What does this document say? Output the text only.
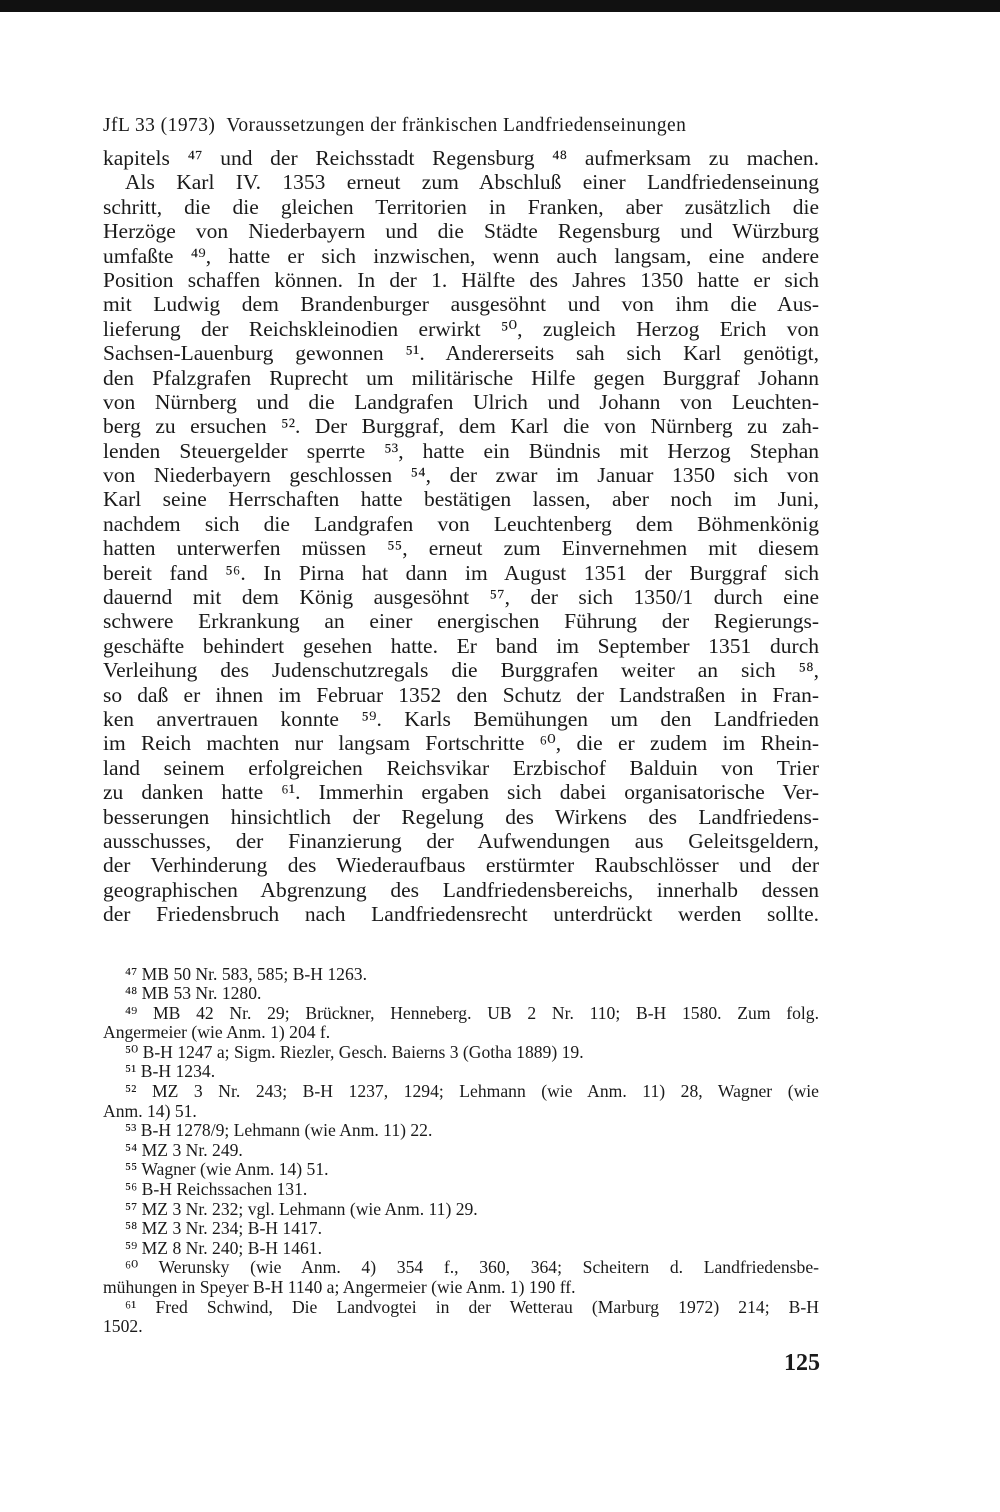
JfL 33 (1973) Voraussetzungen der fränkischen Landfriedenseinungen
kapitels ⁴⁷ und der Reichsstadt Regensburg ⁴⁸ aufmerksam zu machen.
Als Karl IV. 1353 erneut zum Abschluß einer Landfriedenseinung
schritt, die die gleichen Territorien in Franken, aber zusätzlich die
Herzöge von Niederbayern und die Städte Regensburg und Würzburg
umfaßte ⁴⁹, hatte er sich inzwischen, wenn auch langsam, eine andere
Position schaffen können. In der 1. Hälfte des Jahres 1350 hatte er sich
mit Ludwig dem Brandenburger ausgesöhnt und von ihm die Aus-
lieferung der Reichskleinodien erwirkt ⁵⁰, zugleich Herzog Erich von
Sachsen-Lauenburg gewonnen ⁵¹. Andererseits sah sich Karl genötigt,
den Pfalzgrafen Ruprecht um militärische Hilfe gegen Burggraf Johann
von Nürnberg und die Landgrafen Ulrich und Johann von Leuchten-
berg zu ersuchen ⁵². Der Burggraf, dem Karl die von Nürnberg zu zah-
lenden Steuergelder sperrte ⁵³, hatte ein Bündnis mit Herzog Stephan
von Niederbayern geschlossen ⁵⁴, der zwar im Januar 1350 sich von
Karl seine Herrschaften hatte bestätigen lassen, aber noch im Juni,
nachdem sich die Landgrafen von Leuchtenberg dem Böhmenkönig
hatten unterwerfen müssen ⁵⁵, erneut zum Einvernehmen mit diesem
bereit fand ⁵⁶. In Pirna hat dann im August 1351 der Burggraf sich
dauernd mit dem König ausgesöhnt ⁵⁷, der sich 1350/1 durch eine
schwere Erkrankung an einer energischen Führung der Regierungs-
geschäfte behindert gesehen hatte. Er band im September 1351 durch
Verleihung des Judenschutzregals die Burggrafen weiter an sich ⁵⁸,
so daß er ihnen im Februar 1352 den Schutz der Landstraßen in Fran-
ken anvertrauen konnte ⁵⁹. Karls Bemühungen um den Landfrieden
im Reich machten nur langsam Fortschritte ⁶⁰, die er zudem im Rhein-
land seinem erfolgreichen Reichsvikar Erzbischof Balduin von Trier
zu danken hatte ⁶¹. Immerhin ergaben sich dabei organisatorische Ver-
besserungen hinsichtlich der Regelung des Wirkens des Landfriedens-
ausschusses, der Finanzierung der Aufwendungen aus Geleitsgeldern,
der Verhinderung des Wiederaufbaus erstürmter Raubschlösser und der
geographischen Abgrenzung des Landfriedensbereichs, innerhalb dessen
der Friedensbruch nach Landfriedensrecht unterdrückt werden sollte.
⁴⁷ MB 50 Nr. 583, 585; B-H 1263.
⁴⁸ MB 53 Nr. 1280.
⁴⁹ MB 42 Nr. 29; Brückner, Henneberg. UB 2 Nr. 110; B-H 1580. Zum folg.
Angermeier (wie Anm. 1) 204 f.
⁵⁰ B-H 1247 a; Sigm. Riezler, Gesch. Baierns 3 (Gotha 1889) 19.
⁵¹ B-H 1234.
⁵² MZ 3 Nr. 243; B-H 1237, 1294; Lehmann (wie Anm. 11) 28, Wagner (wie
Anm. 14) 51.
⁵³ B-H 1278/9; Lehmann (wie Anm. 11) 22.
⁵⁴ MZ 3 Nr. 249.
⁵⁵ Wagner (wie Anm. 14) 51.
⁵⁶ B-H Reichssachen 131.
⁵⁷ MZ 3 Nr. 232; vgl. Lehmann (wie Anm. 11) 29.
⁵⁸ MZ 3 Nr. 234; B-H 1417.
⁵⁹ MZ 8 Nr. 240; B-H 1461.
⁶⁰ Werunsky (wie Anm. 4) 354 f., 360, 364; Scheitern d. Landfriedensbe-
mühungen in Speyer B-H 1140 a; Angermeier (wie Anm. 1) 190 ff.
⁶¹ Fred Schwind, Die Landvogtei in der Wetterau (Marburg 1972) 214; B-H
1502.
125
